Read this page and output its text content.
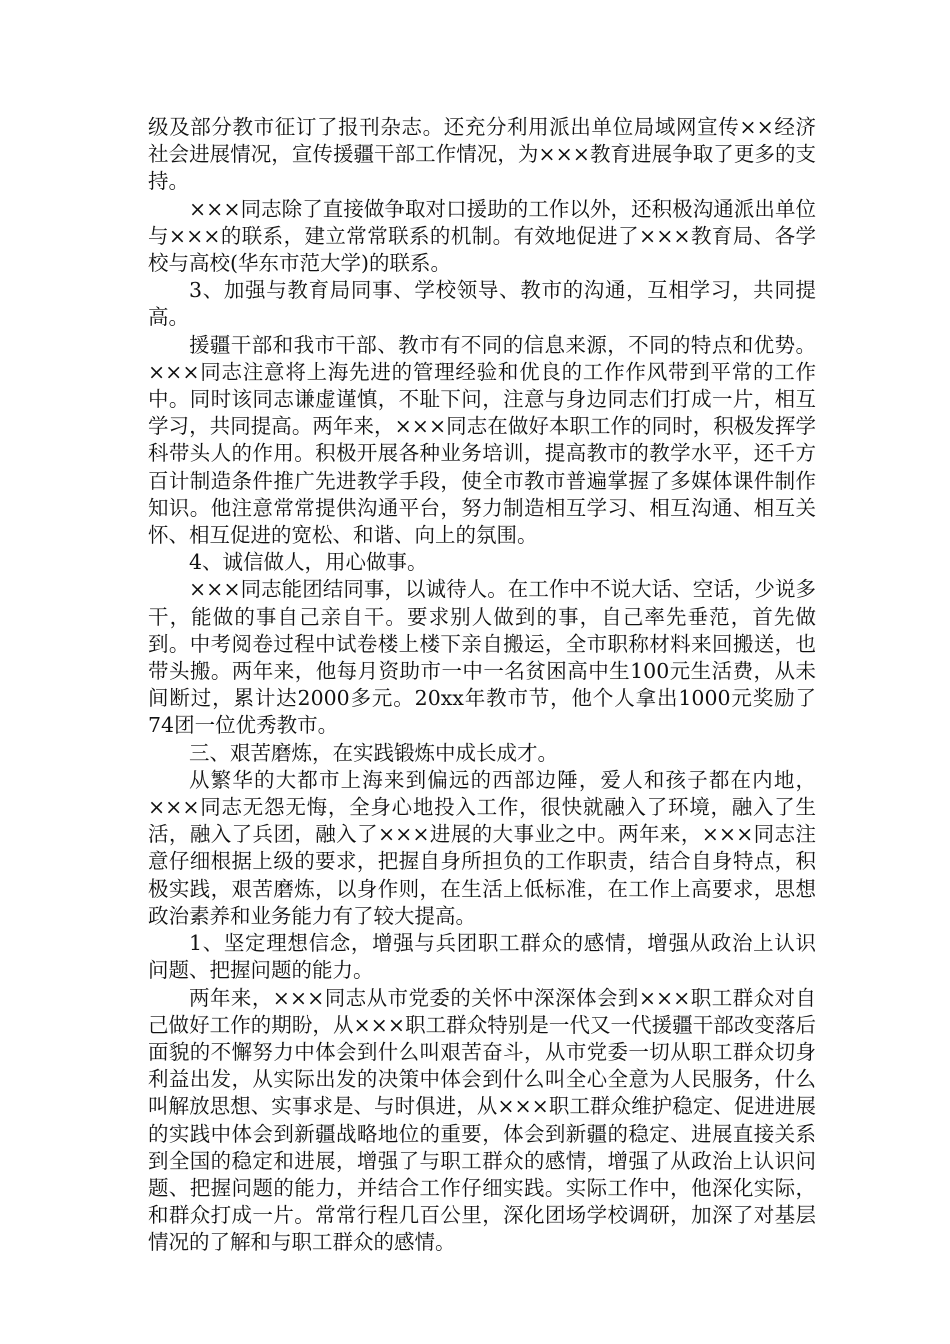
级及部分教市征订了报刊杂志。还充分利用派出单位局域网宣传××经济社会进展情况，宣传援疆干部工作情况，为×××教育进展争取了更多的支持。

×××同志除了直接做争取对口援助的工作以外，还积极沟通派出单位与×××的联系，建立常常联系的机制。有效地促进了×××教育局、各学校与高校(华东市范大学)的联系。

3、加强与教育局同事、学校领导、教市的沟通，互相学习，共同提高。

援疆干部和我市干部、教市有不同的信息来源，不同的特点和优势。×××同志注意将上海先进的管理经验和优良的工作作风带到平常的工作中。同时该同志谦虚谨慎，不耻下问，注意与身边同志们打成一片，相互学习，共同提高。两年来，×××同志在做好本职工作的同时，积极发挥学科带头人的作用。积极开展各种业务培训，提高教市的教学水平，还千方百计制造条件推广先进教学手段，使全市教市普遍掌握了多媒体课件制作知识。他注意常常提供沟通平台，努力制造相互学习、相互沟通、相互关怀、相互促进的宽松、和谐、向上的氛围。

4、诚信做人，用心做事。

×××同志能团结同事，以诚待人。在工作中不说大话、空话，少说多干，能做的事自己亲自干。要求别人做到的事，自己率先垂范，首先做到。中考阅卷过程中试卷楼上楼下亲自搬运，全市职称材料来回搬送，也带头搬。两年来，他每月资助市一中一名贫困高中生100元生活费，从未间断过，累计达2000多元。20xx年教市节，他个人拿出1000元奖励了74团一位优秀教市。

三、艰苦磨炼，在实践锻炼中成长成才。

从繁华的大都市上海来到偏远的西部边陲，爱人和孩子都在内地，×××同志无怨无悔，全身心地投入工作，很快就融入了环境，融入了生活，融入了兵团，融入了×××进展的大事业之中。两年来，×××同志注意仔细根据上级的要求，把握自身所担负的工作职责，结合自身特点，积极实践，艰苦磨炼，以身作则，在生活上低标准，在工作上高要求，思想政治素养和业务能力有了较大提高。

1、坚定理想信念，增强与兵团职工群众的感情，增强从政治上认识问题、把握问题的能力。

两年来，×××同志从市党委的关怀中深深体会到×××职工群众对自己做好工作的期盼，从×××职工群众特别是一代又一代援疆干部改变落后面貌的不懈努力中体会到什么叫艰苦奋斗，从市党委一切从职工群众切身利益出发，从实际出发的决策中体会到什么叫全心全意为人民服务，什么叫解放思想、实事求是、与时俱进，从×××职工群众维护稳定、促进进展的实践中体会到新疆战略地位的重要，体会到新疆的稳定、进展直接关系到全国的稳定和进展，增强了与职工群众的感情，增强了从政治上认识问题、把握问题的能力，并结合工作仔细实践。实际工作中，他深化实际，和群众打成一片。常常行程几百公里，深化团场学校调研，加深了对基层情况的了解和与职工群众的感情。
